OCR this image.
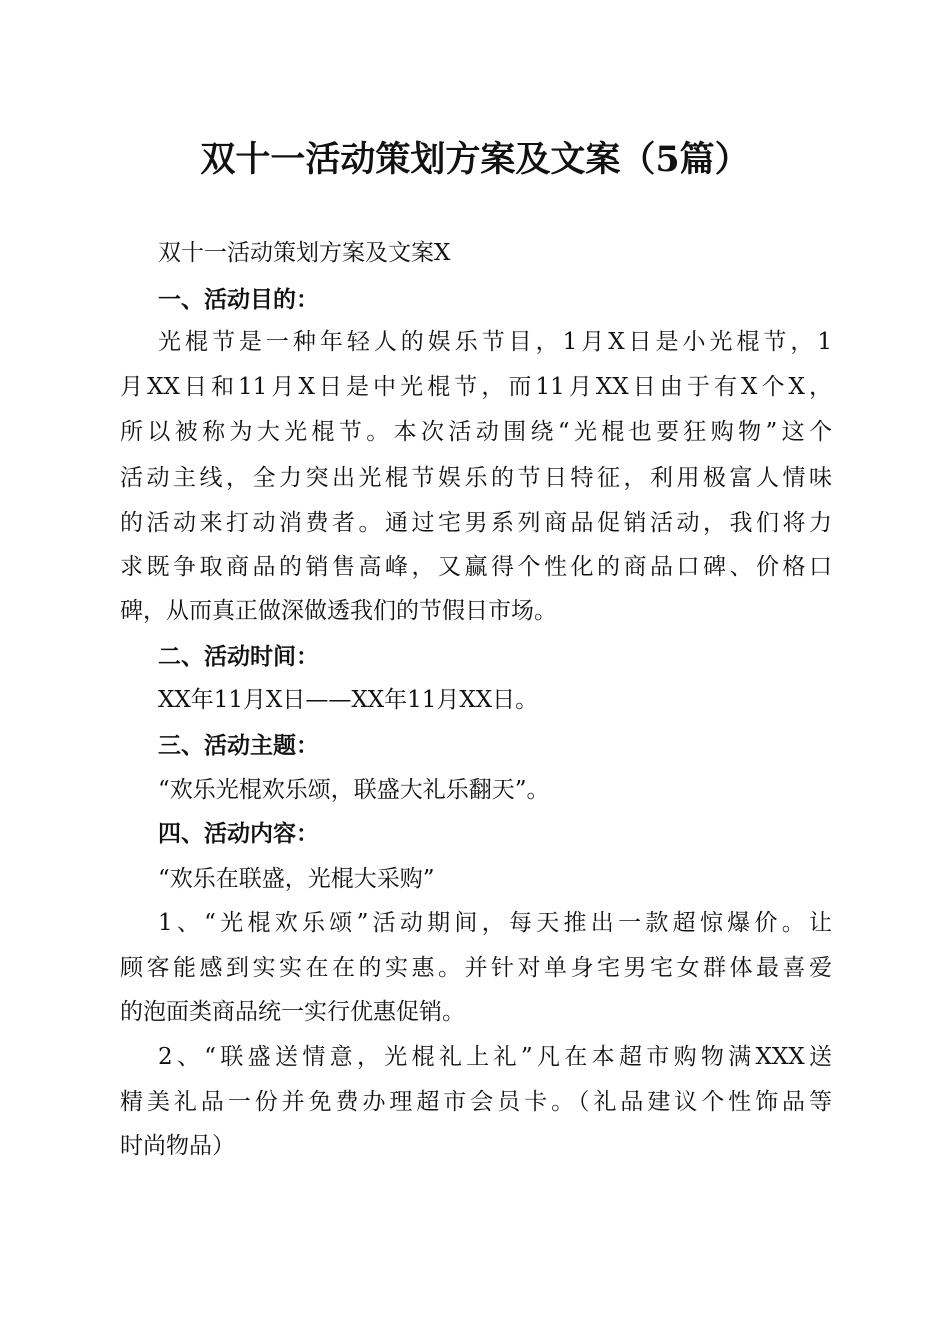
双十一活动策划方案及文案（5篇）
双十一活动策划方案及文案X
一、活动目的：
光棍节是一种年轻人的娱乐节目，1月X日是小光棍节，1
月XX日和11月X日是中光棍节，而11月XX日由于有X个X，
所以被称为大光棍节。本次活动围绕“光棍也要狂购物”这个
活动主线，全力突出光棍节娱乐的节日特征，利用极富人情味
的活动来打动消费者。通过宅男系列商品促销活动，我们将力
求既争取商品的销售高峰，又赢得个性化的商品口碑、价格口
碑，从而真正做深做透我们的节假日市场。
二、活动时间：
XX年11月X日——XX年11月XX日。
三、活动主题：
“欢乐光棍欢乐颂，联盛大礼乐翻天”。
四、活动内容：
“欢乐在联盛，光棍大采购”
1、“光棍欢乐颂”活动期间，每天推出一款超惊爆价。让
顾客能感到实实在在的实惠。并针对单身宅男宅女群体最喜爱
的泡面类商品统一实行优惠促销。
2、“联盛送情意，光棍礼上礼”凡在本超市购物满XXX送
精美礼品一份并免费办理超市会员卡。（礼品建议个性饰品等
时尚物品）
